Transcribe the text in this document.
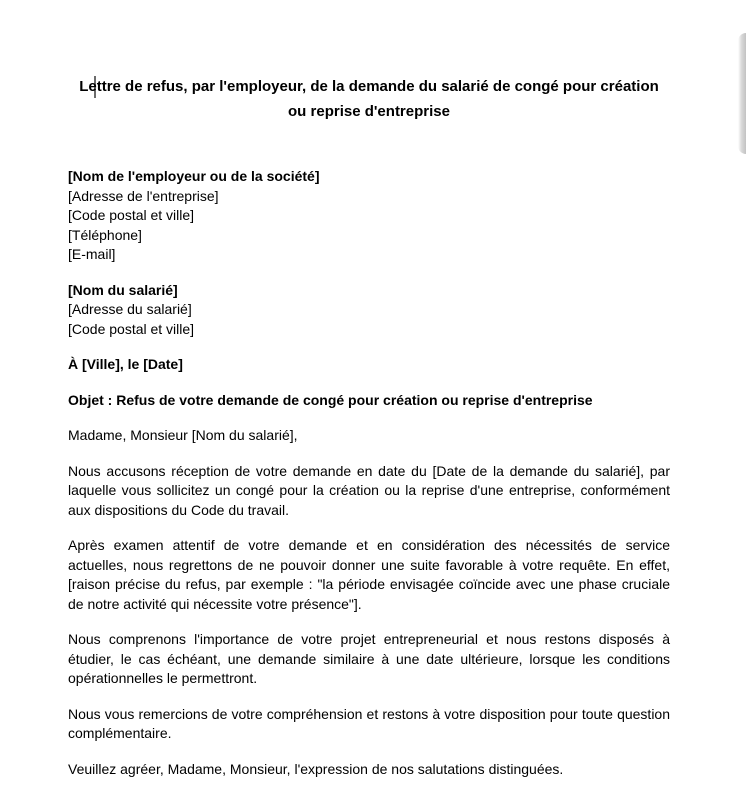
Lettre de refus, par l'employeur, de la demande du salarié de congé pour création ou reprise d'entreprise
[Nom de l'employeur ou de la société]
[Adresse de l'entreprise]
[Code postal et ville]
[Téléphone]
[E-mail]
[Nom du salarié]
[Adresse du salarié]
[Code postal et ville]
À [Ville], le [Date]
Objet : Refus de votre demande de congé pour création ou reprise d'entreprise
Madame, Monsieur [Nom du salarié],

Nous accusons réception de votre demande en date du [Date de la demande du salarié], par laquelle vous sollicitez un congé pour la création ou la reprise d'une entreprise, conformément aux dispositions du Code du travail.

Après examen attentif de votre demande et en considération des nécessités de service actuelles, nous regrettons de ne pouvoir donner une suite favorable à votre requête. En effet, [raison précise du refus, par exemple : "la période envisagée coïncide avec une phase cruciale de notre activité qui nécessite votre présence"].

Nous comprenons l'importance de votre projet entrepreneurial et nous restons disposés à étudier, le cas échéant, une demande similaire à une date ultérieure, lorsque les conditions opérationnelles le permettront.

Nous vous remercions de votre compréhension et restons à votre disposition pour toute question complémentaire.

Veuillez agréer, Madame, Monsieur, l'expression de nos salutations distinguées.
